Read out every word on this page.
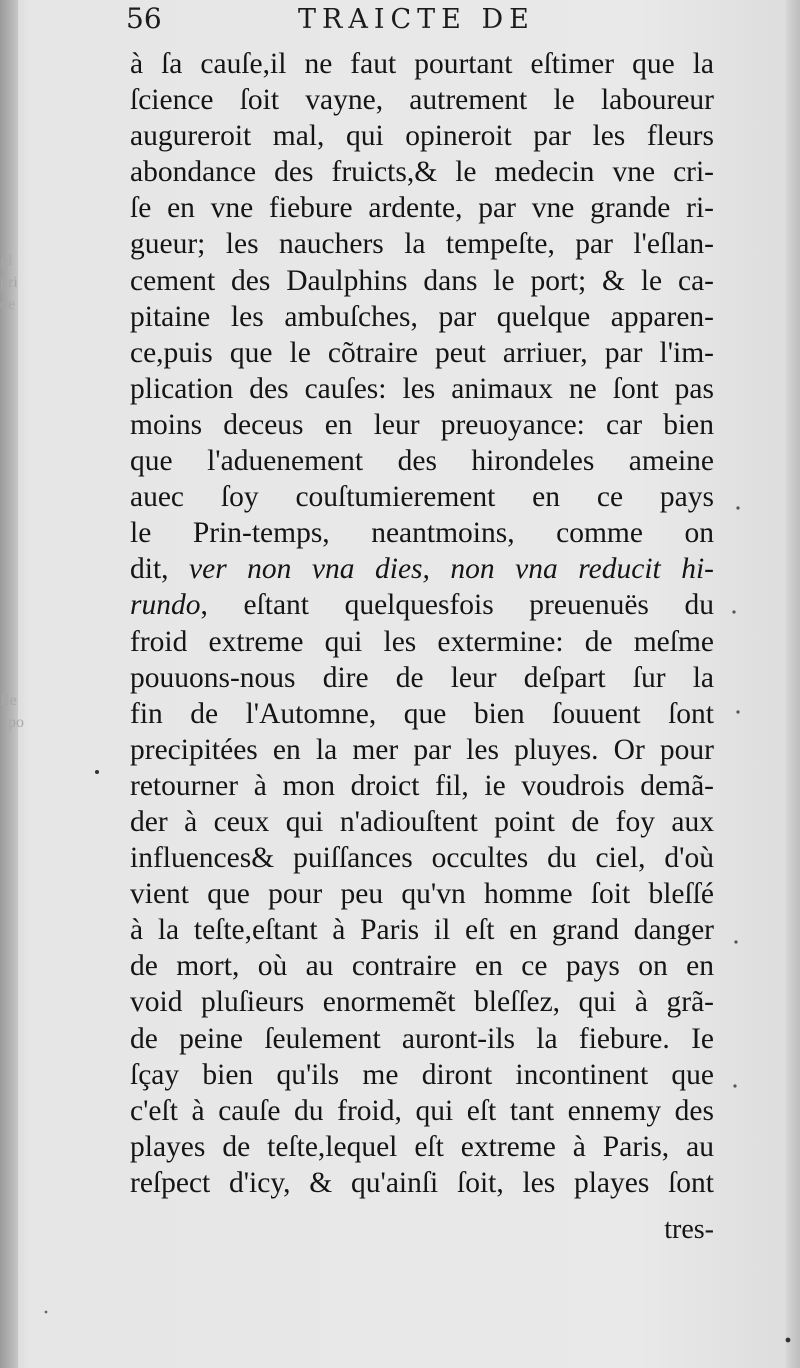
gi
pri
de
fle
po
56	TRAICTE DE
à ſa cauſe,il ne faut pourtant eſtimer que la
ſcience ſoit vayne, autrement le laboureur
augureroit mal, qui opineroit par les fleurs
abondance des fruicts,& le medecin vne cri-
ſe en vne fiebure ardente, par vne grande ri-
gueur; les nauchers la tempeſte, par l'eſlan-
cement des Daulphins dans le port; & le ca-
pitaine les ambuſches, par quelque apparen-
ce,puis que le cõtraire peut arriuer, par l'im-
plication des cauſes: les animaux ne ſont pas
moins deceus en leur preuoyance: car bien
que l'aduenement des hirondeles ameine
auec ſoy couſtumierement en ce pays
le Prin-temps, neantmoins, comme on
dit, ver non vna dies, non vna reducit hi-
rundo, eſtant quelquesfois preuenuës du
froid extreme qui les extermine: de meſme
pouuons-nous dire de leur deſpart ſur la
fin de l'Automne, que bien ſouuent ſont
precipitées en la mer par les pluyes. Or pour
retourner à mon droict fil, ie voudrois demã-
der à ceux qui n'adiouſtent point de foy aux
influences& puiſſances occultes du ciel, d'où
vient que pour peu qu'vn homme ſoit bleſſé
à la teſte,eſtant à Paris il eſt en grand danger
de mort, où au contraire en ce pays on en
void pluſieurs enormemẽt bleſſez, qui à grã-
de peine ſeulement auront-ils la fiebure. Ie
ſçay bien qu'ils me diront incontinent que
c'eſt à cauſe du froid, qui eſt tant ennemy des
playes de teſte,lequel eſt extreme à Paris, au
reſpect d'icy, & qu'ainſi ſoit, les playes ſont
tres-
